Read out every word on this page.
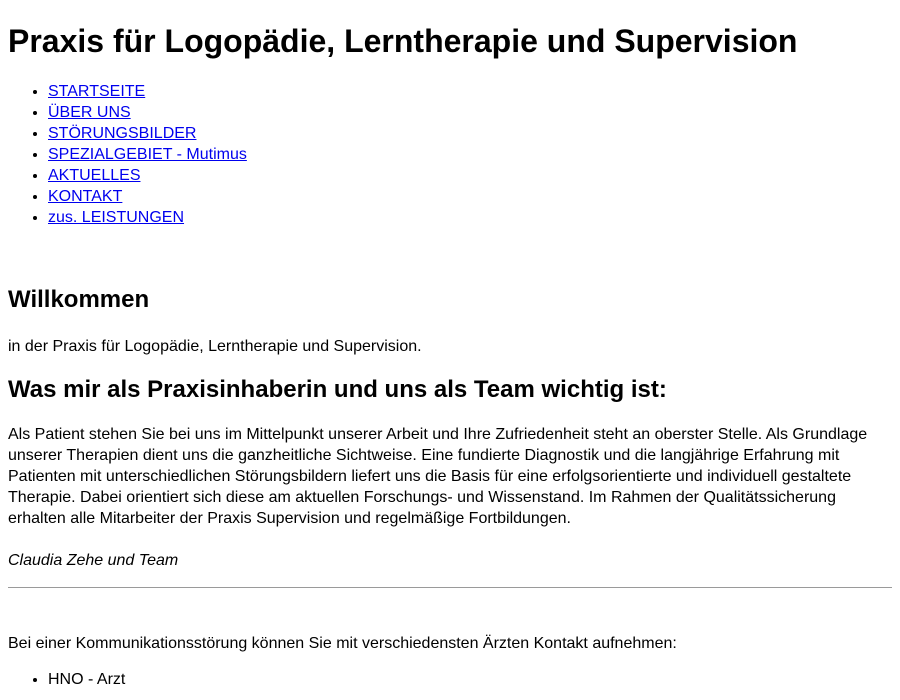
Praxis für Logopädie, Lerntherapie und Supervision
• STARTSEITE
• ÜBER UNS
• STÖRUNGSBILDER
• SPEZIALGEBIET - Mutimus
• AKTUELLES
• KONTAKT
• zus. LEISTUNGEN
Willkommen

in der Praxis für Logopädie, Lerntherapie und Supervision.

Was mir als Praxisinhaberin und uns als Team wichtig ist:

Als Patient stehen Sie bei uns im Mittelpunkt unserer Arbeit und Ihre Zufriedenheit steht an oberster Stelle. Als Grundlage unserer Therapien dient uns die ganzheitliche Sichtweise. Eine fundierte Diagnostik und die langjährige Erfahrung mit Patienten mit unterschiedlichen Störungsbildern liefert uns die Basis für eine erfolgsorientierte und individuell gestaltete Therapie. Dabei orientiert sich diese am aktuellen Forschungs- und Wissenstand. Im Rahmen der Qualitätssicherung erhalten alle Mitarbeiter der Praxis Supervision und regelmäßige Fortbildungen.

Claudia Zehe und Team

Bei einer Kommunikationsstörung können Sie mit verschiedensten Ärzten Kontakt aufnehmen:

• HNO - Arzt
